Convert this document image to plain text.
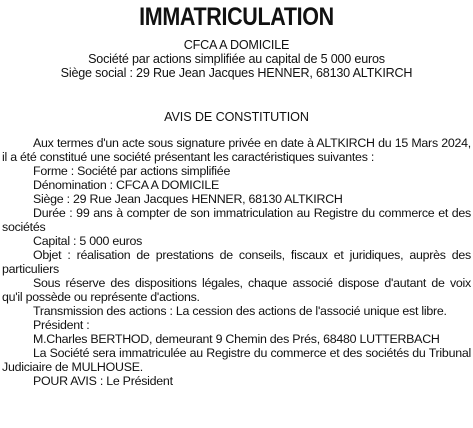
IMMATRICULATION
CFCA A DOMICILE
Société par actions simplifiée au capital de 5 000 euros
Siège social : 29 Rue Jean Jacques HENNER, 68130 ALTKIRCH
AVIS DE CONSTITUTION

Aux termes d'un acte sous signature privée en date à ALTKIRCH du 15 Mars 2024, il a été constitué une société présentant les caractéristiques suivantes :

Forme : Société par actions simplifiée

Dénomination : CFCA A DOMICILE

Siège : 29 Rue Jean Jacques HENNER, 68130 ALTKIRCH

Durée : 99 ans à compter de son immatriculation au Registre du commerce et des sociétés

Capital : 5 000 euros

Objet : réalisation de prestations de conseils, fiscaux et juridiques, auprès des particuliers

Sous réserve des dispositions légales, chaque associé dispose d'autant de voix qu'il possède ou représente d'actions.

Transmission des actions : La cession des actions de l'associé unique est libre.

Président :

M.Charles BERTHOD, demeurant 9 Chemin des Prés, 68480 LUTTERBACH

La Société sera immatriculée au Registre du commerce et des sociétés du Tribunal Judiciaire de MULHOUSE.

POUR AVIS : Le Président
